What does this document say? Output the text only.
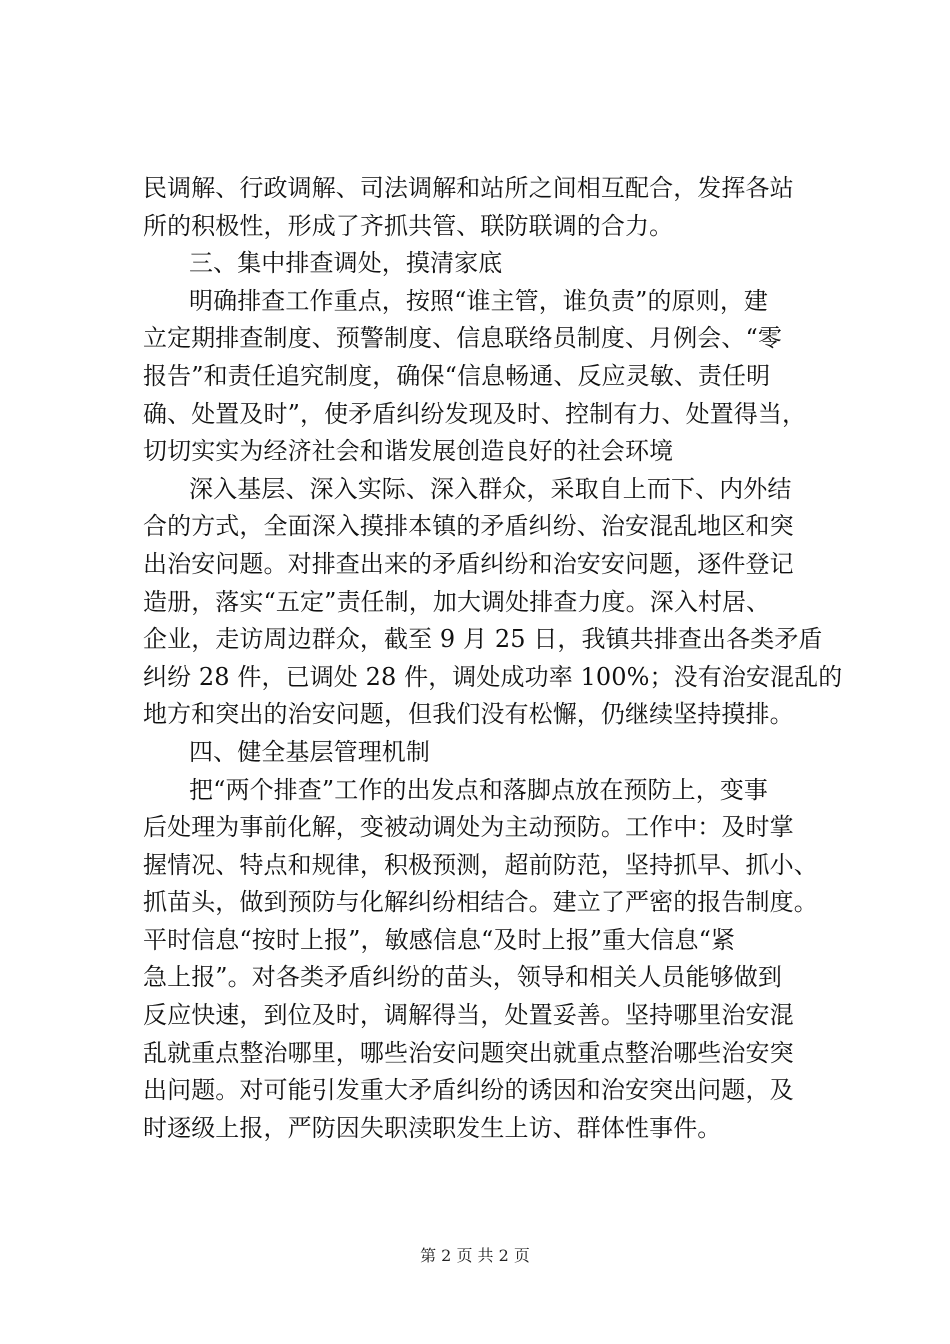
民调解、行政调解、司法调解和站所之间相互配合，发挥各站
所的积极性，形成了齐抓共管、联防联调的合力。
三、集中排查调处，摸清家底
明确排查工作重点，按照“谁主管，谁负责”的原则，建
立定期排查制度、预警制度、信息联络员制度、月例会、“零
报告”和责任追究制度，确保“信息畅通、反应灵敏、责任明
确、处置及时”，使矛盾纠纷发现及时、控制有力、处置得当，
切切实实为经济社会和谐发展创造良好的社会环境
深入基层、深入实际、深入群众，采取自上而下、内外结
合的方式，全面深入摸排本镇的矛盾纠纷、治安混乱地区和突
出治安问题。对排查出来的矛盾纠纷和治安安问题，逐件登记
造册，落实“五定”责任制，加大调处排查力度。深入村居、
企业，走访周边群众，截至 9 月 25 日，我镇共排查出各类矛盾
纠纷 28 件，已调处 28 件，调处成功率 100%；没有治安混乱的
地方和突出的治安问题，但我们没有松懈，仍继续坚持摸排。
四、健全基层管理机制
把“两个排查”工作的出发点和落脚点放在预防上，变事
后处理为事前化解，变被动调处为主动预防。工作中：及时掌
握情况、特点和规律，积极预测，超前防范，坚持抓早、抓小、
抓苗头，做到预防与化解纠纷相结合。建立了严密的报告制度。
平时信息“按时上报”，敏感信息“及时上报”重大信息“紧
急上报”。对各类矛盾纠纷的苗头，领导和相关人员能够做到
反应快速，到位及时，调解得当，处置妥善。坚持哪里治安混
乱就重点整治哪里，哪些治安问题突出就重点整治哪些治安突
出问题。对可能引发重大矛盾纠纷的诱因和治安突出问题，及
时逐级上报，严防因失职渎职发生上访、群体性事件。
第 2 页 共 2 页
